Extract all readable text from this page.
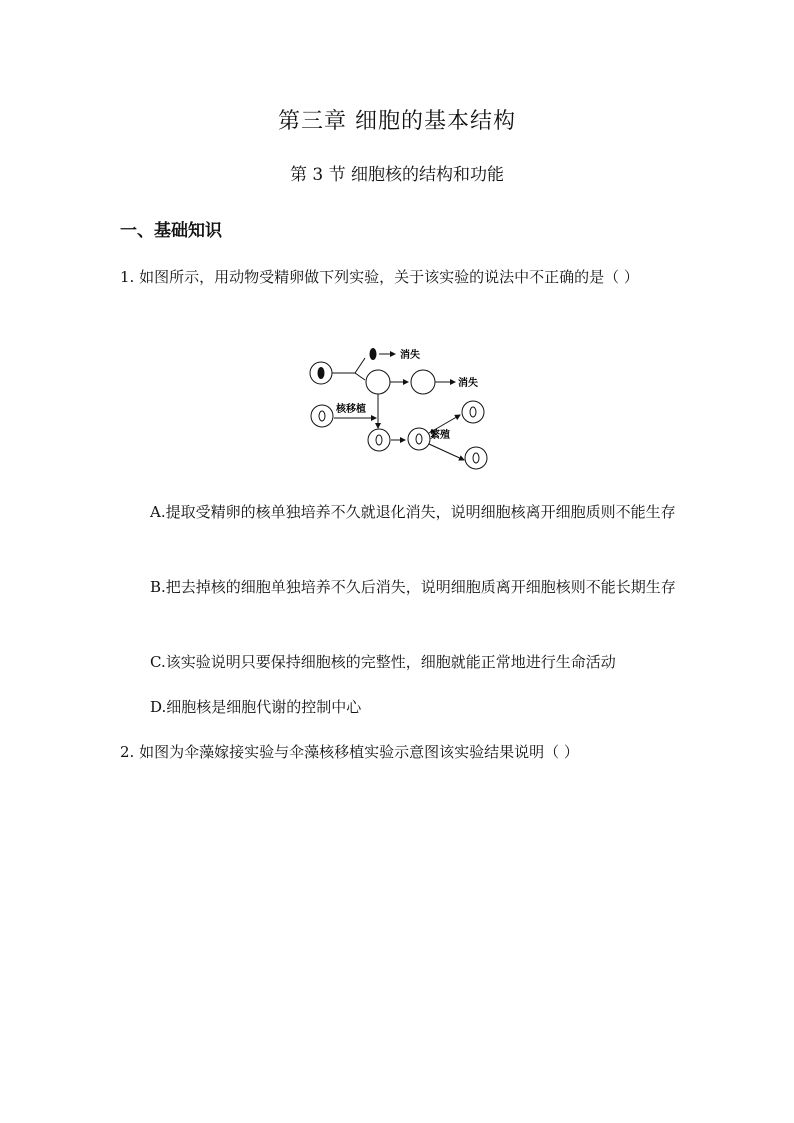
第三章 细胞的基本结构
第 3 节 细胞核的结构和功能
一、基础知识
1. 如图所示，用动物受精卵做下列实验，关于该实验的说法中不正确的是（ ）
消失
消失
核移植
繁殖
A.提取受精卵的核单独培养不久就退化消失，说明细胞核离开细胞质则不能生存
B.把去掉核的细胞单独培养不久后消失，说明细胞质离开细胞核则不能长期生存
C.该实验说明只要保持细胞核的完整性，细胞就能正常地进行生命活动
D.细胞核是细胞代谢的控制中心
2. 如图为伞藻嫁接实验与伞藻核移植实验示意图该实验结果说明（ ）
